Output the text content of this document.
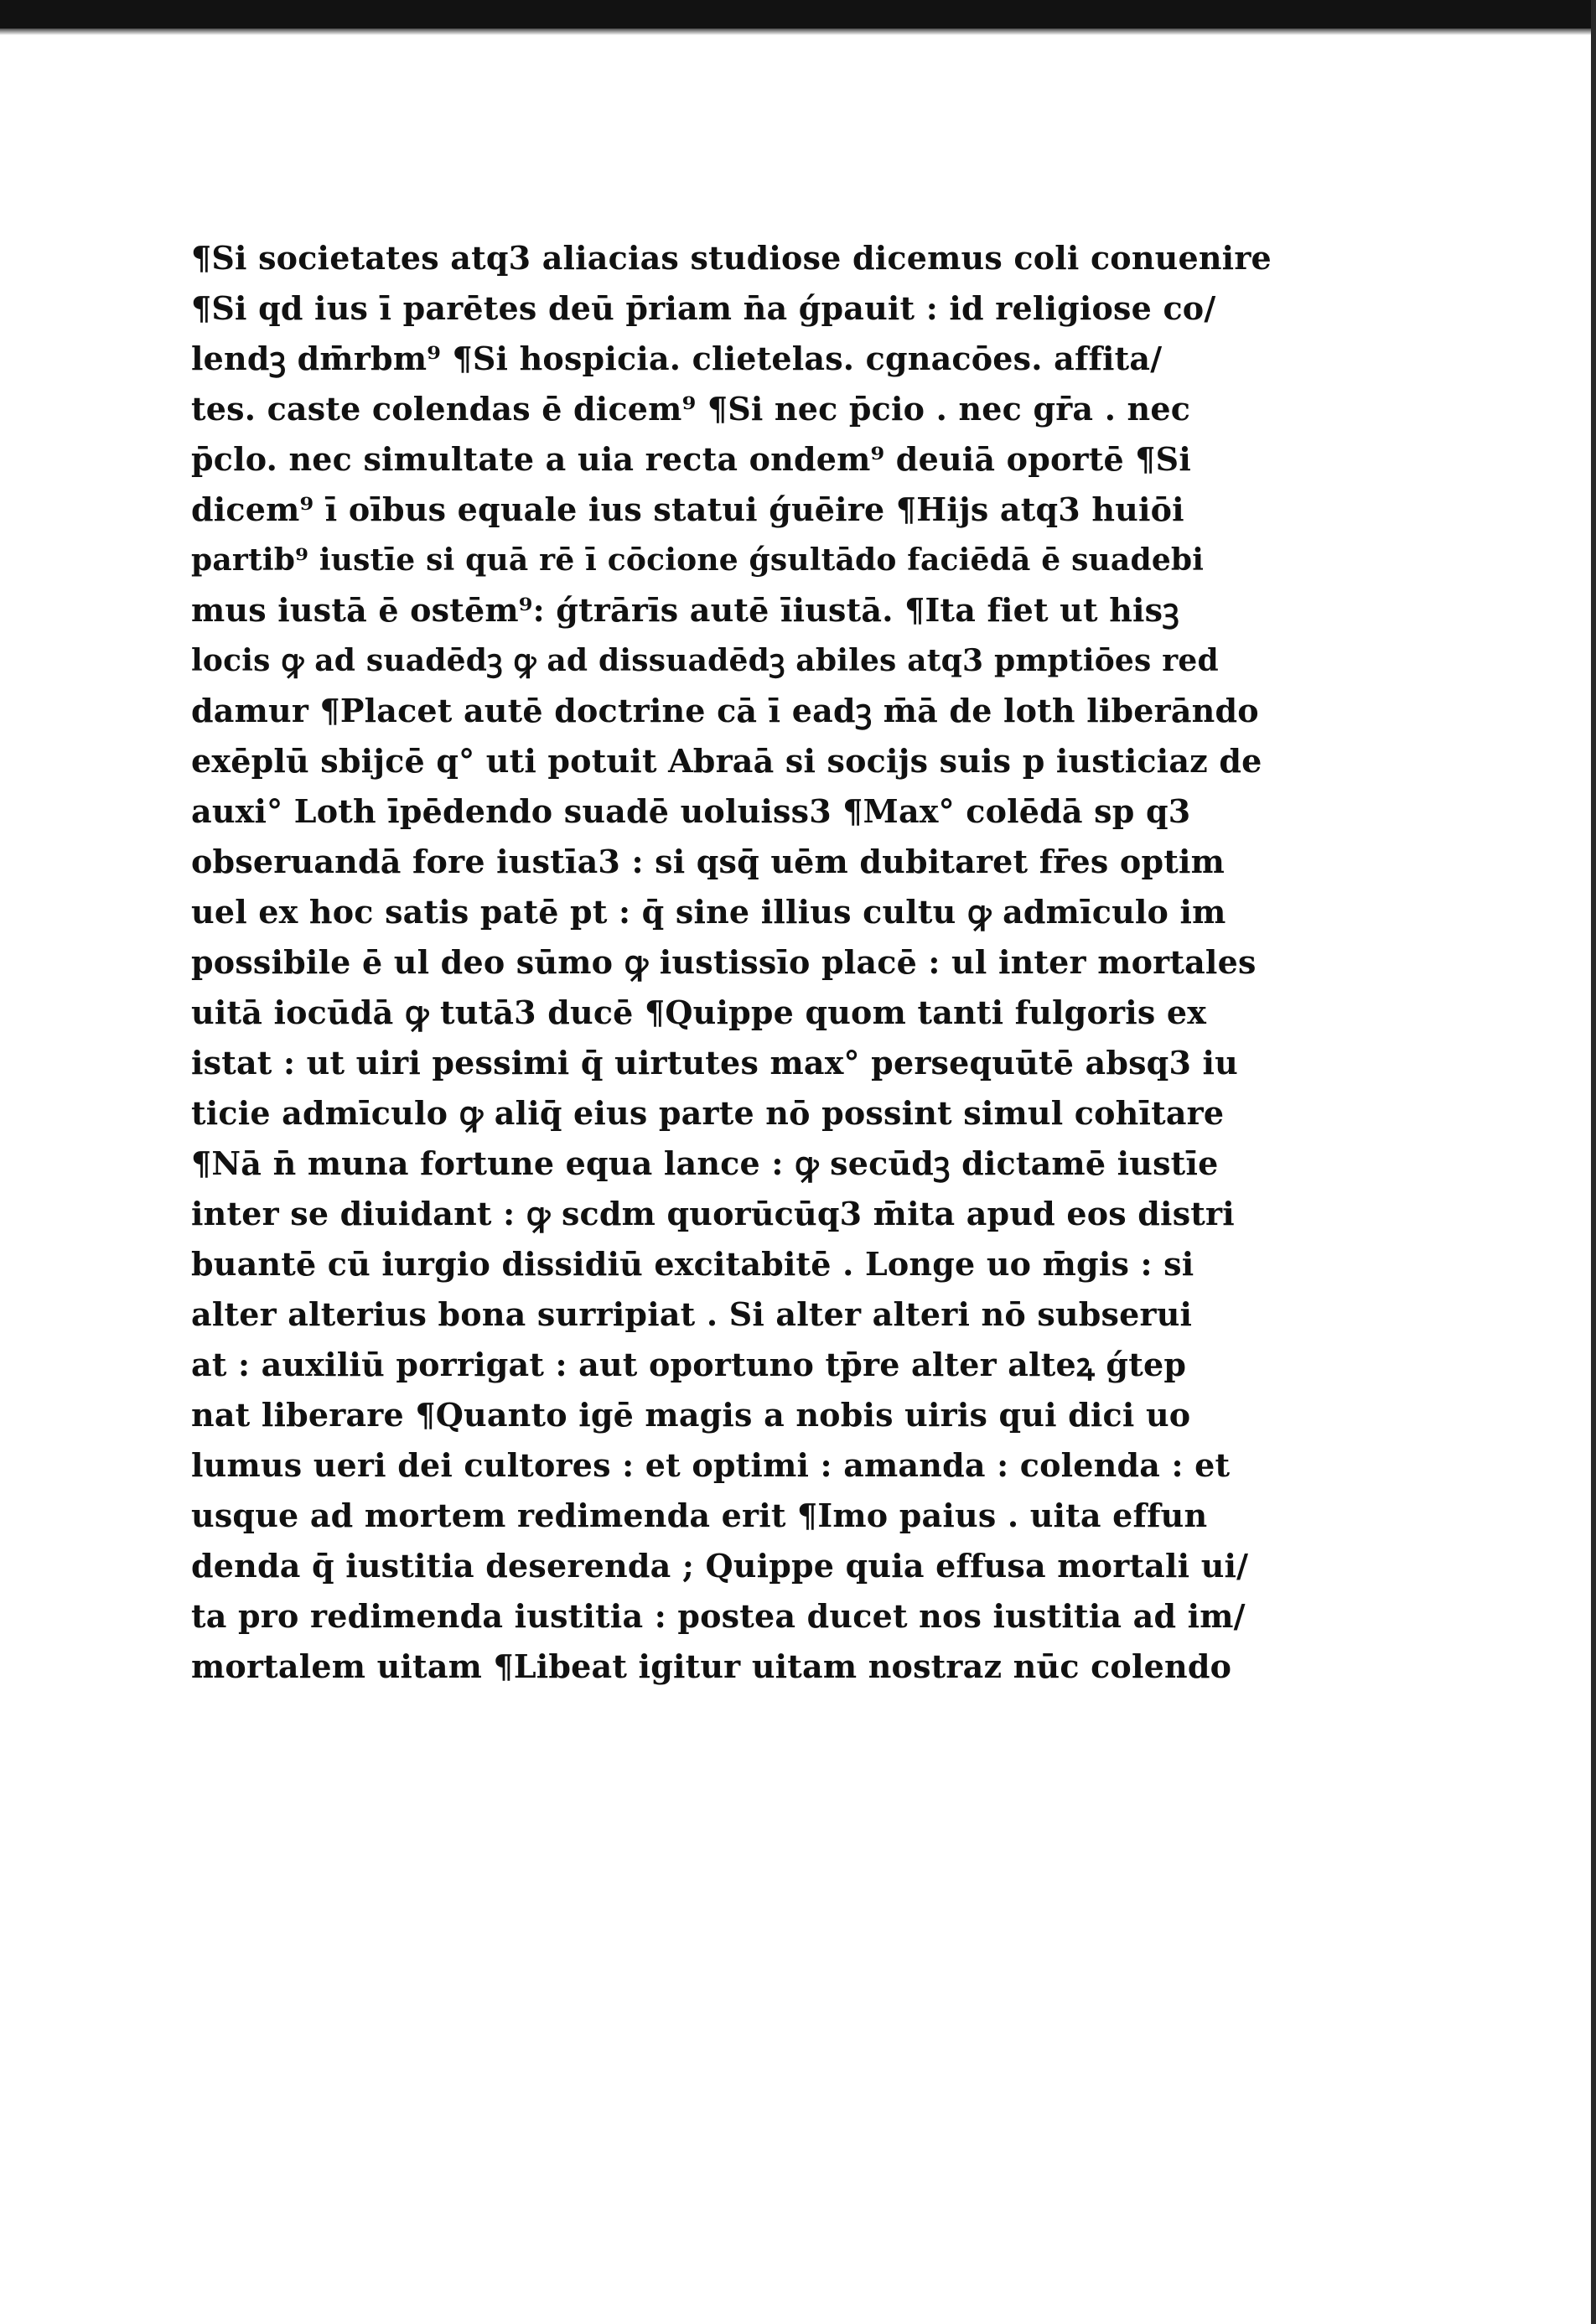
¶Si societates atq3 aliacias studiose dicemus coli conuenire
¶Si qd ius ī parētes deū p̄riam n̄a ǵpauit : id religiose co/
lendꝫ dm̄rbm⁹ ¶Si hospicia. clietelas. cgnacōes. affita/
tes. caste colendas ē dicem⁹ ¶Si nec p̄cio . nec gr̄a . nec
p̄clo. nec simultate a uia recta ondem⁹ deuiā oportē ¶Si
dicem⁹ ī oībus equale ius statui ǵuēire ¶Hijs atq3 huiōi
partib⁹ iustīe si quā rē ī cōcione ǵsultādo faciēdā ē suadebi
mus iustā ē ostēm⁹: ǵtrārīs autē īiustā. ¶Ita fiet ut hisꝫ
locis ꝙ ad suadēdꝫ ꝙ ad dissuadēdꝫ abiles atq3 pmptiōes red
damur ¶Placet autē doctrine cā ī eadꝫ m̄ā de loth liberāndo
exēplū sbijcē q° uti potuit Abraā si socijs suis p iusticiaz de
auxi° Loth īpēdendo suadē uoluiss3 ¶Max° colēdā sp q3
obseruandā fore iustīa3 : si qsq̄ uēm dubitaret fr̄es optim
uel ex hoc satis patē pt : q̄ sine illius cultu ꝙ admīculo im
possibile ē ul deo sūmo ꝙ iustissīo placē : ul inter mortales
uitā iocūdā ꝙ tutā3 ducē ¶Quippe quom tanti fulgoris ex
istat : ut uiri pessimi q̄ uirtutes max° persequūtē absq3 iu
ticie admīculo ꝙ aliq̄ eius parte nō possint simul cohītare
¶Nā n̄ muna fortune equa lance : ꝙ secūdꝫ dictamē iustīe
inter se diuidant : ꝙ scdm quorūcūq3 m̄ita apud eos distri
buantē cū iurgio dissidiū excitabitē . Longe uo m̄gis : si
alter alterius bona surripiat . Si alter alteri nō subserui
at : auxiliū porrigat : aut oportuno tp̄re alter alteꝝ ǵtep
nat liberare ¶Quanto igē magis a nobis uiris qui dici uo
lumus ueri dei cultores : et optimi : amanda : colenda : et
usque ad mortem redimenda erit ¶Imo paius . uita effun
denda q̄ iustitia deserenda ; Quippe quia effusa mortali ui/
ta pro redimenda iustitia : postea ducet nos iustitia ad im/
mortalem uitam ¶Libeat igitur uitam nostraz nūc colendo
